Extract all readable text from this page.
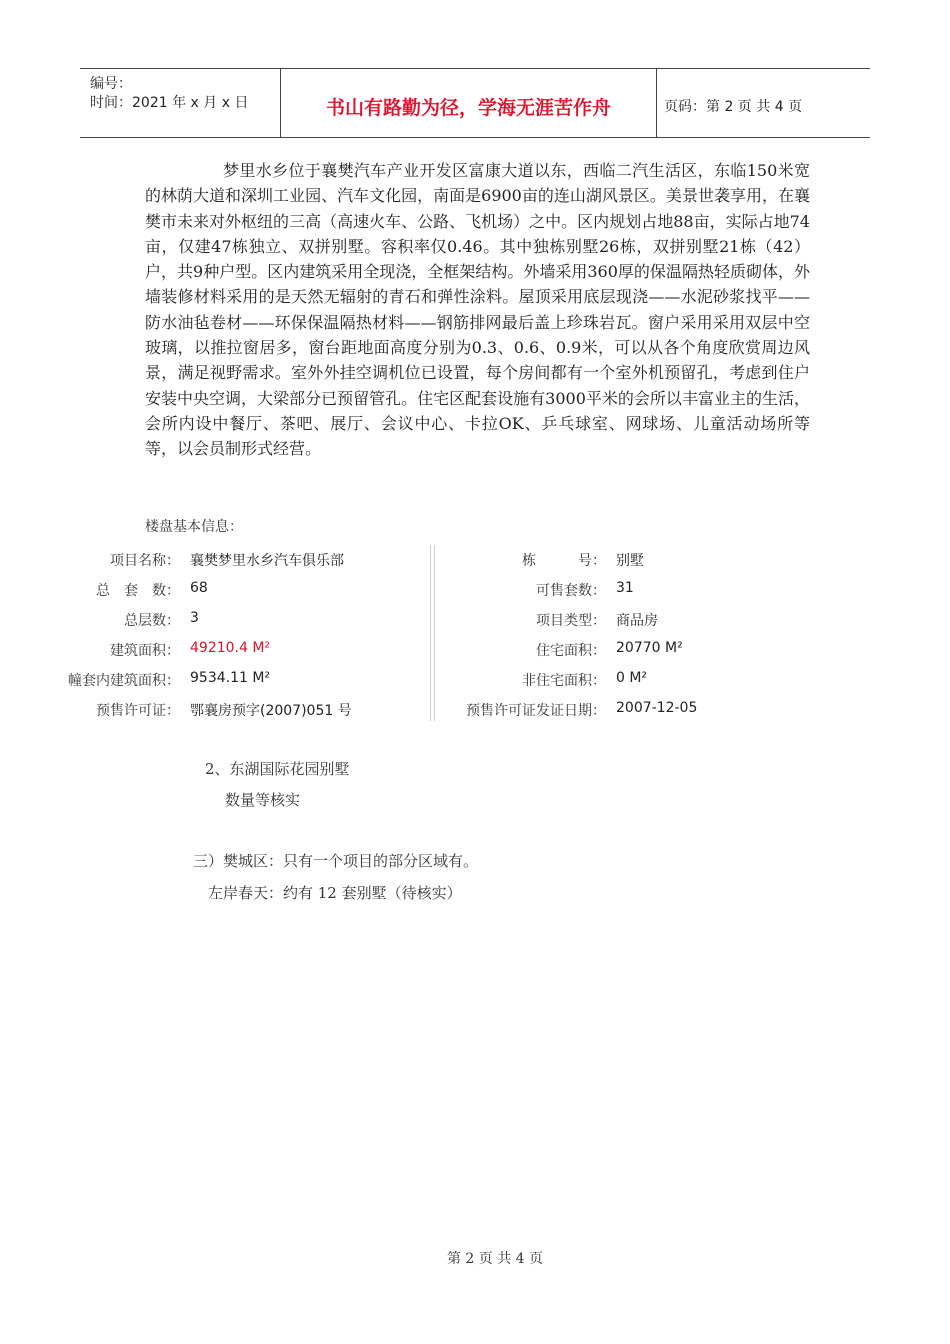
编号：
时间：2021 年 x 月 x 日	书山有路勤为径，学海无涯苦作舟	页码：第 2 页 共 4 页
梦里水乡位于襄樊汽车产业开发区富康大道以东，西临二汽生活区，东临150米宽的林荫大道和深圳工业园、汽车文化园，南面是6900亩的连山湖风景区。美景世袭享用，在襄樊市未来对外枢纽的三高（高速火车、公路、飞机场）之中。区内规划占地88亩，实际占地74亩，仅建47栋独立、双拼别墅。容积率仅0.46。其中独栋别墅26栋，双拼别墅21栋（42）户，共9种户型。区内建筑采用全现浇，全框架结构。外墙采用360厚的保温隔热轻质砌体，外墙装修材料采用的是天然无辐射的青石和弹性涂料。屋顶采用底层现浇——水泥砂浆找平——防水油毡卷材——环保保温隔热材料——钢筋排网最后盖上珍珠岩瓦。窗户采用采用双层中空玻璃，以推拉窗居多，窗台距地面高度分别为0.3、0.6、0.9米，可以从各个角度欣赏周边风景，满足视野需求。室外外挂空调机位已设置，每个房间都有一个室外机预留孔，考虑到住户安装中央空调，大梁部分已预留管孔。住宅区配套设施有3000平米的会所以丰富业主的生活，会所内设中餐厅、茶吧、展厅、会议中心、卡拉OK、乒乓球室、网球场、儿童活动场所等等，以会员制形式经营。
楼盘基本信息：
项目名称： 襄樊梦里水乡汽车俱乐部
总　套　数： 68
总层数： 3
建筑面积： 49210.4 M²
幢套内建筑面积： 9534.11 M²
预售许可证： 鄂襄房预字(2007)051 号
栋　　　号： 别墅
可售套数： 31
项目类型： 商品房
住宅面积： 20770 M²
非住宅面积： 0 M²
预售许可证发证日期： 2007-12-05
2、东湖国际花园别墅
数量等核实
三）樊城区：只有一个项目的部分区域有。
左岸春天：约有 12 套别墅（待核实）
第 2 页 共 4 页
